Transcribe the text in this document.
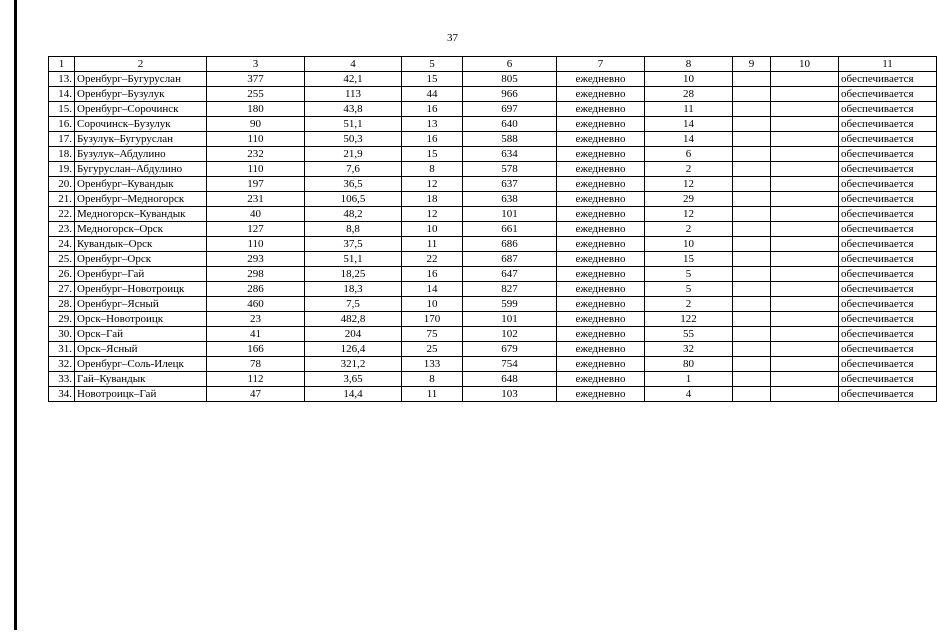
37
1	2	3	4	5	6	7	8	9	10	11
13.	Оренбург–Бугуруслан	377	42,1	15	805	ежедневно	10			обеспечивается
14.	Оренбург–Бузулук	255	113	44	966	ежедневно	28			обеспечивается
15.	Оренбург–Сорочинск	180	43,8	16	697	ежедневно	11			обеспечивается
16.	Сорочинск–Бузулук	90	51,1	13	640	ежедневно	14			обеспечивается
17.	Бузулук–Бугуруслан	110	50,3	16	588	ежедневно	14			обеспечивается
18.	Бузулук–Абдулино	232	21,9	15	634	ежедневно	6			обеспечивается
19.	Бугуруслан–Абдулино	110	7,6	8	578	ежедневно	2			обеспечивается
20.	Оренбург–Кувандык	197	36,5	12	637	ежедневно	12			обеспечивается
21.	Оренбург–Медногорск	231	106,5	18	638	ежедневно	29			обеспечивается
22.	Медногорск–Кувандык	40	48,2	12	101	ежедневно	12			обеспечивается
23.	Медногорск–Орск	127	8,8	10	661	ежедневно	2			обеспечивается
24.	Кувандык–Орск	110	37,5	11	686	ежедневно	10			обеспечивается
25.	Оренбург–Орск	293	51,1	22	687	ежедневно	15			обеспечивается
26.	Оренбург–Гай	298	18,25	16	647	ежедневно	5			обеспечивается
27.	Оренбург–Новотроицк	286	18,3	14	827	ежедневно	5			обеспечивается
28.	Оренбург–Ясный	460	7,5	10	599	ежедневно	2			обеспечивается
29.	Орск–Новотроицк	23	482,8	170	101	ежедневно	122			обеспечивается
30.	Орск–Гай	41	204	75	102	ежедневно	55			обеспечивается
31.	Орск–Ясный	166	126,4	25	679	ежедневно	32			обеспечивается
32.	Оренбург–Соль-Илецк	78	321,2	133	754	ежедневно	80			обеспечивается
33.	Гай–Кувандык	112	3,65	8	648	ежедневно	1			обеспечивается
34.	Новотроицк–Гай	47	14,4	11	103	ежедневно	4			обеспечивается
